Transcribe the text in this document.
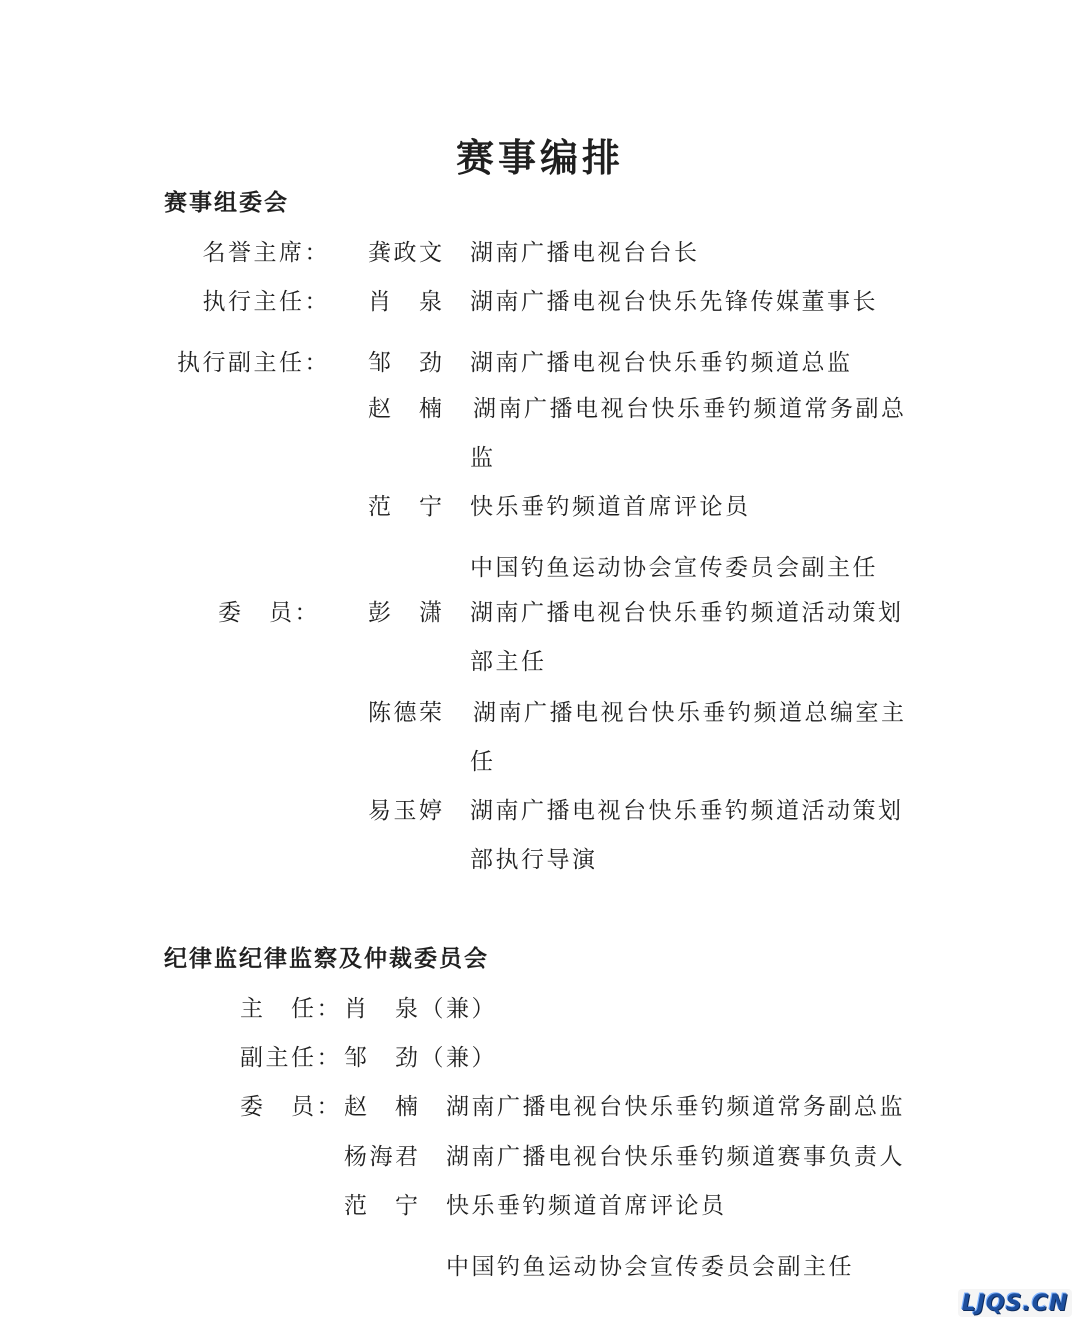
赛事编排
赛事组委会
名誉主席： 龚政文 湖南广播电视台台长
执行主任： 肖　泉 湖南广播电视台快乐先锋传媒董事长
执行副主任： 邹　劲 湖南广播电视台快乐垂钓频道总监
赵　楠 湖南广播电视台快乐垂钓频道常务副总
监
范　宁 快乐垂钓频道首席评论员
中国钓鱼运动协会宣传委员会副主任
委　员： 彭　潇 湖南广播电视台快乐垂钓频道活动策划
部主任
陈德荣 湖南广播电视台快乐垂钓频道总编室主
任
易玉婷 湖南广播电视台快乐垂钓频道活动策划
部执行导演
纪律监纪律监察及仲裁委员会
主　任： 肖　泉（兼）
副主任： 邹　劲（兼）
委　员： 赵　楠 湖南广播电视台快乐垂钓频道常务副总监
杨海君 湖南广播电视台快乐垂钓频道赛事负责人
范　宁 快乐垂钓频道首席评论员
中国钓鱼运动协会宣传委员会副主任
LJQS.CN
